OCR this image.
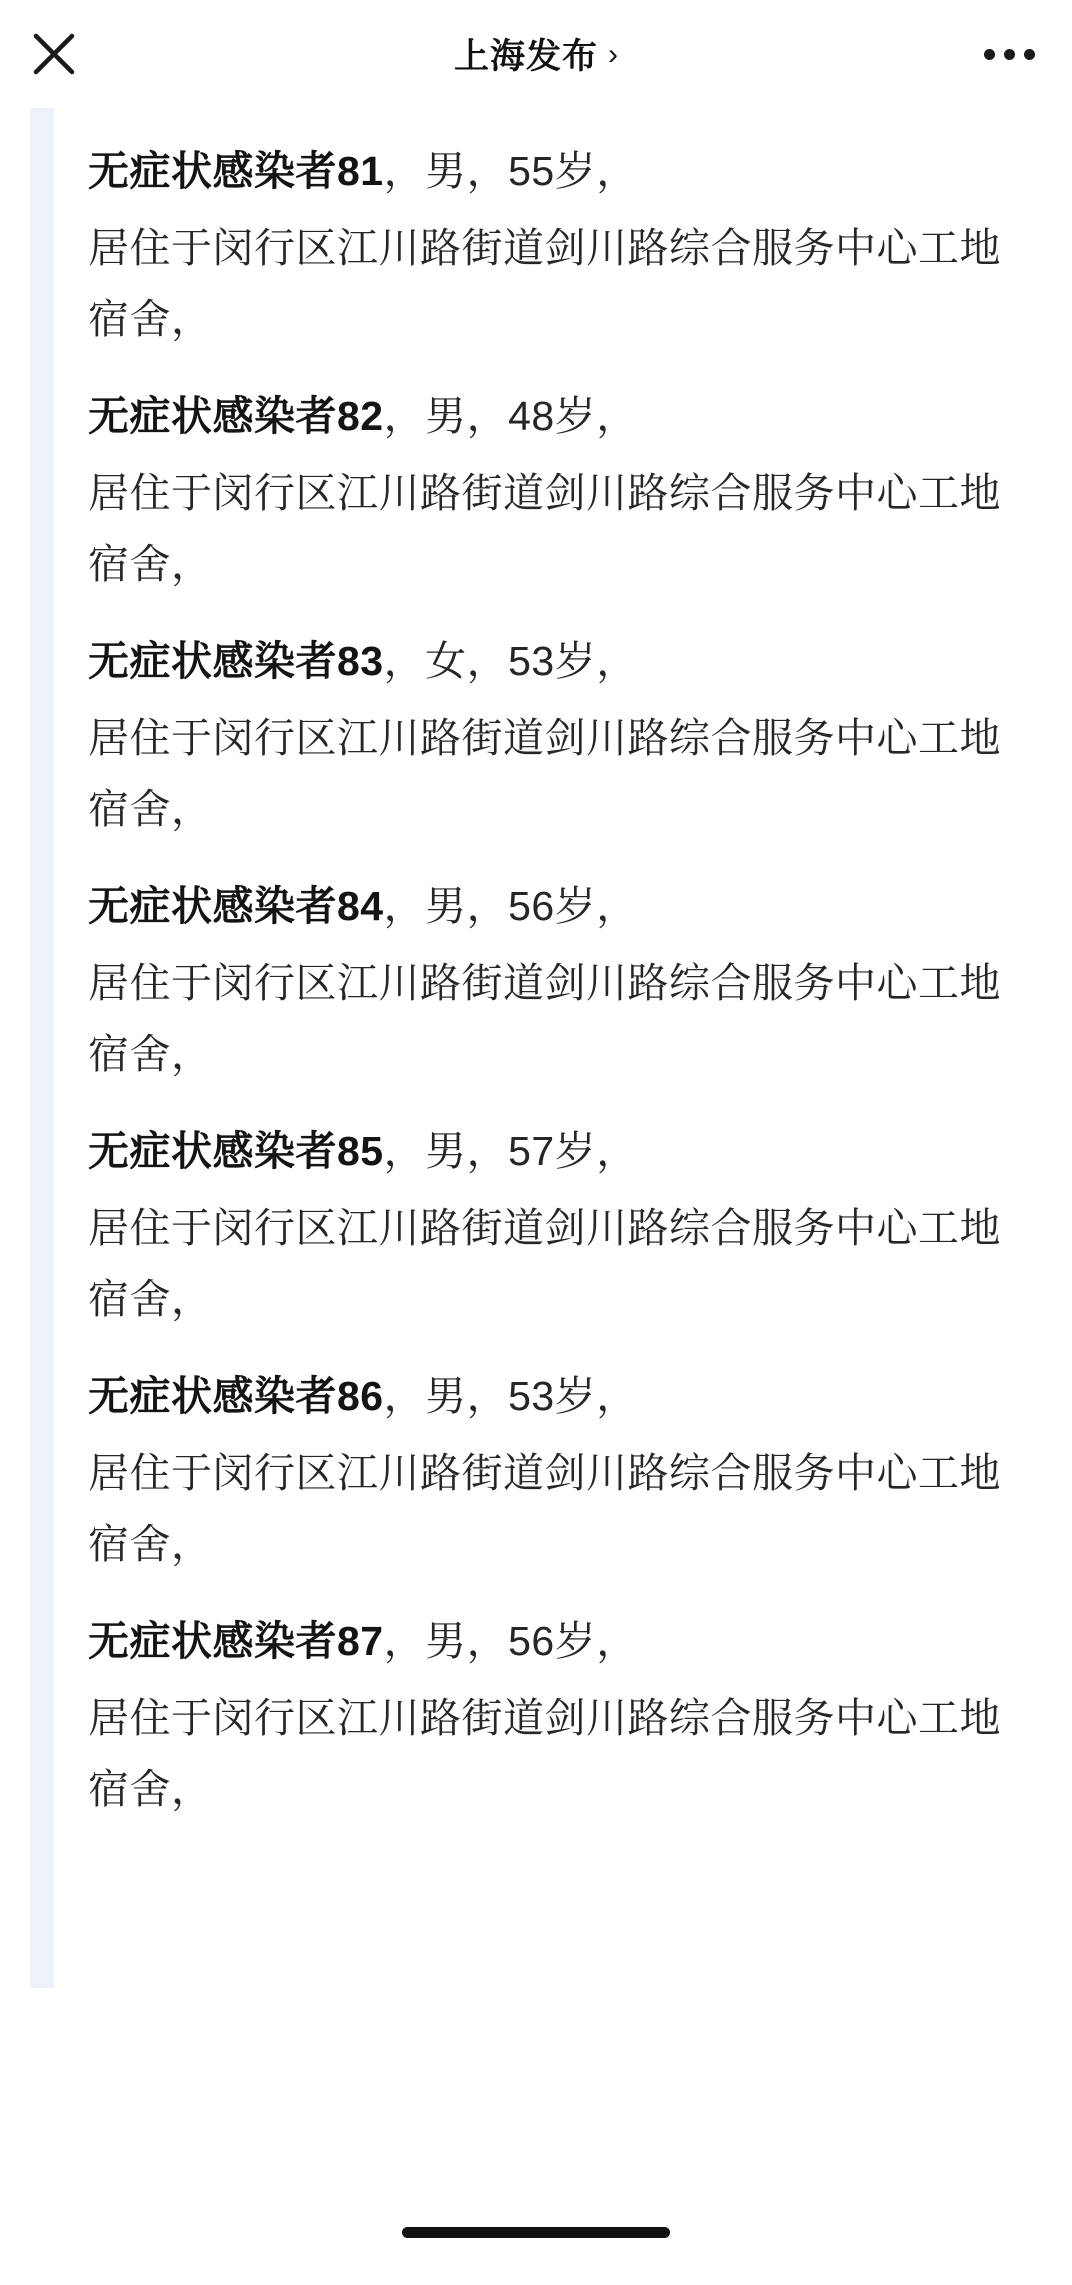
上海发布 ›

无症状感染者81，男，55岁，

居住于闵行区江川路街道剑川路综合服务中心工地宿舍，

无症状感染者82，男，48岁，

居住于闵行区江川路街道剑川路综合服务中心工地宿舍，

无症状感染者83，女，53岁，

居住于闵行区江川路街道剑川路综合服务中心工地宿舍，

无症状感染者84，男，56岁，

居住于闵行区江川路街道剑川路综合服务中心工地宿舍，

无症状感染者85，男，57岁，

居住于闵行区江川路街道剑川路综合服务中心工地宿舍，

无症状感染者86，男，53岁，

居住于闵行区江川路街道剑川路综合服务中心工地宿舍，

无症状感染者87，男，56岁，

居住于闵行区江川路街道剑川路综合服务中心工地宿舍，
